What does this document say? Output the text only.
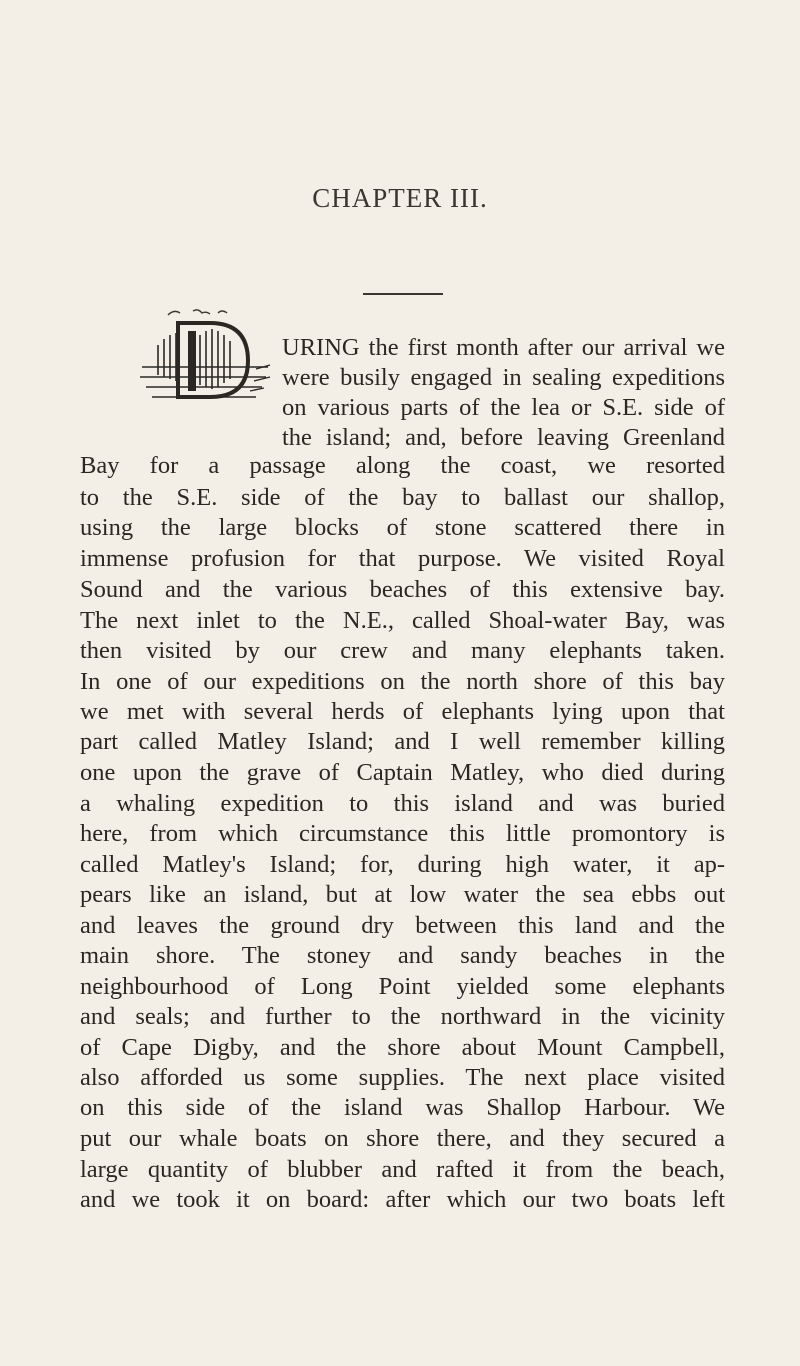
CHAPTER III.
URING the first month after our arrival we
were busily engaged in sealing expeditions
on various parts of the lea or S.E. side of
the island; and, before leaving Greenland
Bay for a passage along the coast, we resorted
to the S.E. side of the bay to ballast our shallop,
using the large blocks of stone scattered there in
immense profusion for that purpose. We visited Royal
Sound and the various beaches of this extensive bay.
The next inlet to the N.E., called Shoal-water Bay, was
then visited by our crew and many elephants taken.
In one of our expeditions on the north shore of this bay
we met with several herds of elephants lying upon that
part called Matley Island; and I well remember killing
one upon the grave of Captain Matley, who died during
a whaling expedition to this island and was buried
here, from which circumstance this little promontory is
called Matley's Island; for, during high water, it ap-
pears like an island, but at low water the sea ebbs out
and leaves the ground dry between this land and the
main shore. The stoney and sandy beaches in the
neighbourhood of Long Point yielded some elephants
and seals; and further to the northward in the vicinity
of Cape Digby, and the shore about Mount Campbell,
also afforded us some supplies. The next place visited
on this side of the island was Shallop Harbour. We
put our whale boats on shore there, and they secured a
large quantity of blubber and rafted it from the beach,
and we took it on board: after which our two boats left
